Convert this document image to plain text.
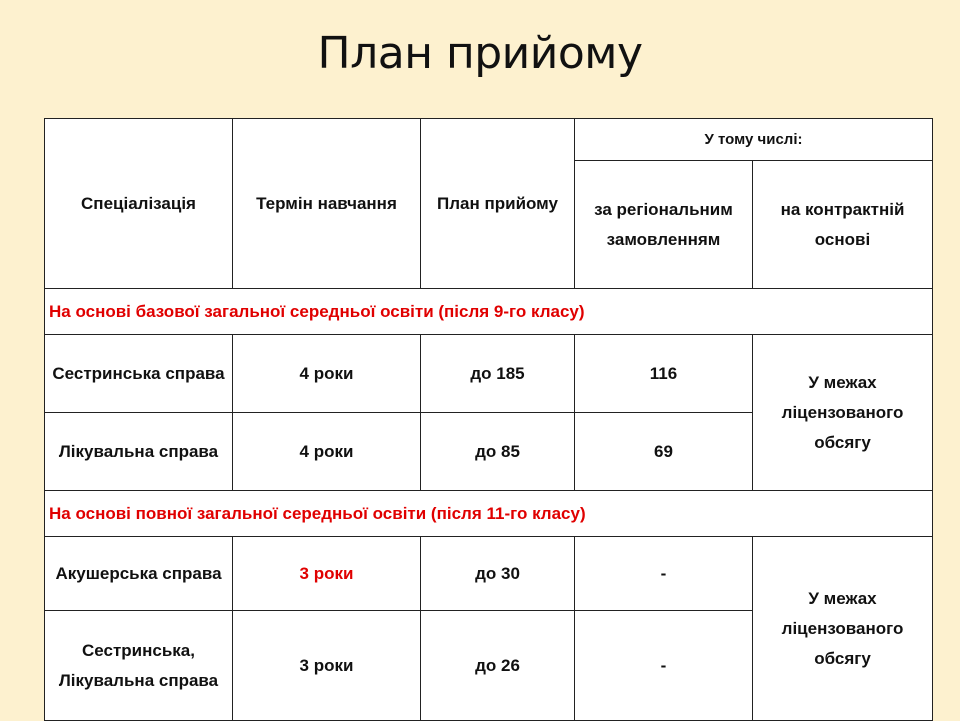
План прийому
Спеціалізація	Термін навчання	План прийому	У тому числі:	
			за регіональним замовленням	на контрактній основі
На основі базової загальної середньої освіти (після 9-го класу)				
Сестринська справа	4 роки	до 185	116	У межах ліцензованого обсягу
Лікувальна справа	4 роки	до 85	69	
На основі повної загальної середньої освіти (після 11-го класу)				
Акушерська справа	3 роки	до 30	-	У межах ліцензованого обсягу
Сестринська, Лікувальна справа	3 роки	до 26	-	
